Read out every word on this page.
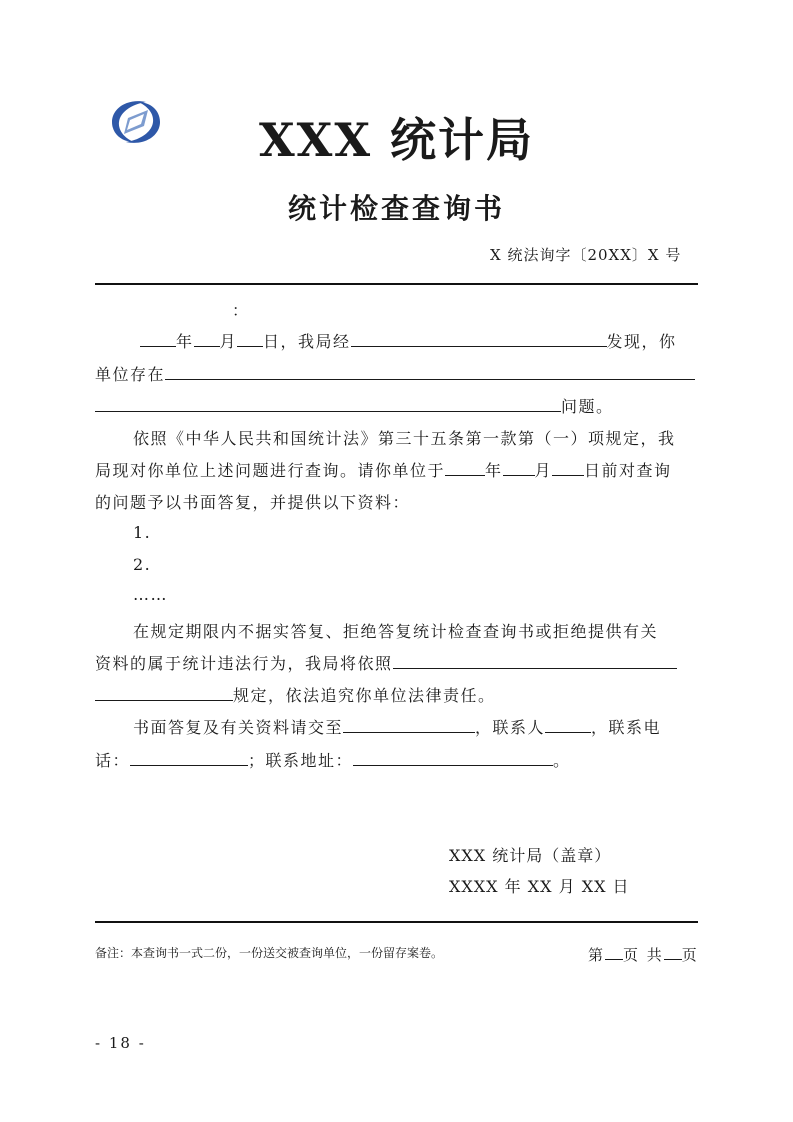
XXX 统计局
统计检查查询书
X 统法询字〔20XX〕X 号
：
年 月 日，我局经	发现，你
单位存在
问题。
依照《中华人民共和国统计法》第三十五条第一款第（一）项规定，我
局现对你单位上述问题进行查询。请你单位于	年 月 日前对查询
的问题予以书面答复，并提供以下资料：
1.
2.
……
在规定期限内不据实答复、拒绝答复统计检查查询书或拒绝提供有关
资料的属于统计违法行为，我局将依照
规定，依法追究你单位法律责任。
书面答复及有关资料请交至	，联系人	，联系电
话：	；联系地址：	。
XXX 统计局（盖章）
XXXX 年 XX 月 XX 日
备注：本查询书一式二份，一份送交被查询单位，一份留存案卷。	第 页 共 页
- 18 -
